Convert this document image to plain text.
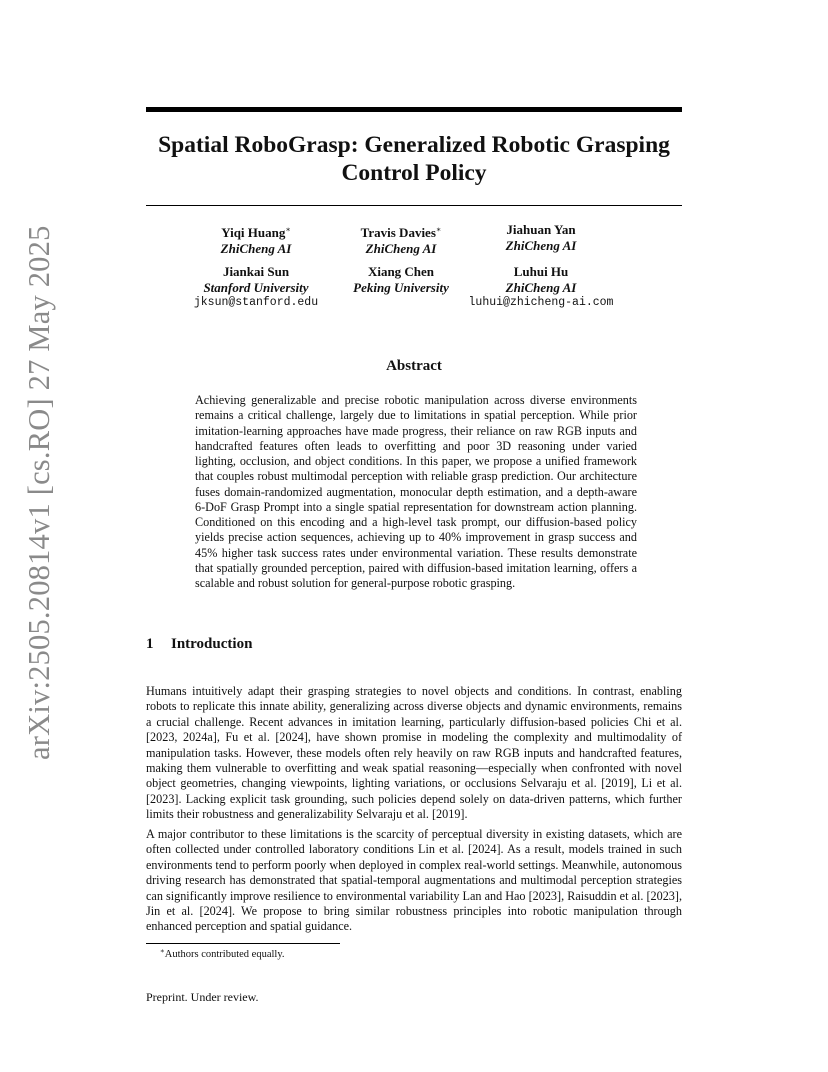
arXiv:2505.20814v1 [cs.RO] 27 May 2025
Spatial RoboGrasp: Generalized Robotic Grasping Control Policy
Yiqi Huang∗
ZhiCheng AI
Travis Davies∗
ZhiCheng AI
Jiahuan Yan
ZhiCheng AI
Jiankai Sun
Stanford University
jksun@stanford.edu
Xiang Chen
Peking University
Luhui Hu
ZhiCheng AI
luhui@zhicheng-ai.com
Abstract

Achieving generalizable and precise robotic manipulation across diverse environments remains a critical challenge, largely due to limitations in spatial perception. While prior imitation-learning approaches have made progress, their reliance on raw RGB inputs and handcrafted features often leads to overfitting and poor 3D reasoning under varied lighting, occlusion, and object conditions. In this paper, we propose a unified framework that couples robust multimodal perception with reliable grasp prediction. Our architecture fuses domain-randomized augmentation, monocular depth estimation, and a depth-aware 6-DoF Grasp Prompt into a single spatial representation for downstream action planning. Conditioned on this encoding and a high-level task prompt, our diffusion-based policy yields precise action sequences, achieving up to 40% improvement in grasp success and 45% higher task success rates under environmental variation. These results demonstrate that spatially grounded perception, paired with diffusion-based imitation learning, offers a scalable and robust solution for general-purpose robotic grasping.

1 Introduction

Humans intuitively adapt their grasping strategies to novel objects and conditions. In contrast, enabling robots to replicate this innate ability, generalizing across diverse objects and dynamic environments, remains a crucial challenge. Recent advances in imitation learning, particularly diffusion-based policies Chi et al. [2023, 2024a], Fu et al. [2024], have shown promise in modeling the complexity and multimodality of manipulation tasks. However, these models often rely heavily on raw RGB inputs and handcrafted features, making them vulnerable to overfitting and weak spatial reasoning—especially when confronted with novel object geometries, changing viewpoints, lighting variations, or occlusions Selvaraju et al. [2019], Li et al. [2023]. Lacking explicit task grounding, such policies depend solely on data-driven patterns, which further limits their robustness and generalizability Selvaraju et al. [2019].

A major contributor to these limitations is the scarcity of perceptual diversity in existing datasets, which are often collected under controlled laboratory conditions Lin et al. [2024]. As a result, models trained in such environments tend to perform poorly when deployed in complex real-world settings. Meanwhile, autonomous driving research has demonstrated that spatial-temporal augmentations and multimodal perception strategies can significantly improve resilience to environmental variability Lan and Hao [2023], Raisuddin et al. [2023], Jin et al. [2024]. We propose to bring similar robustness principles into robotic manipulation through enhanced perception and spatial guidance.

∗Authors contributed equally.

Preprint. Under review.
